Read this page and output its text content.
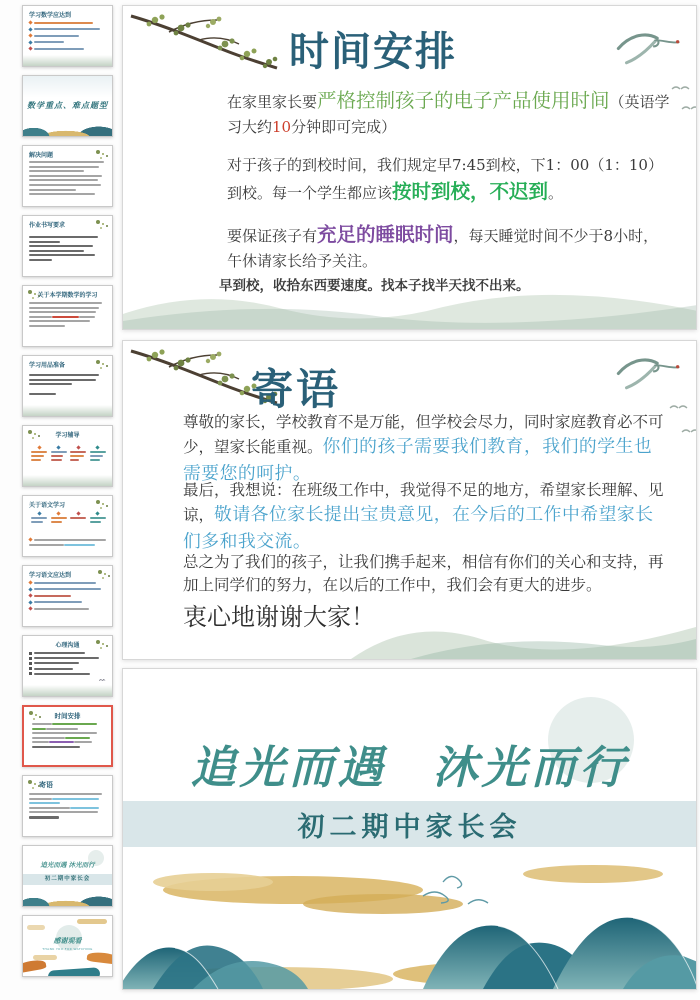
学习数学应达到
数学重点、难点题型
解决问题
作业书写要求
关于本学期数学的学习
学习用品准备
学习辅导
关于语文学习
学习语文应达到
心理沟通
ᨐ
时间安排
寄语
追光而遇 沐光而行
初二期中家长会
感谢观看
THANK YOU FOR WATCHING
时间安排

在家里家长要严格控制孩子的电子产品使用时间（英语学习大约10分钟即可完成）

对于孩子的到校时间，我们规定早7:45到校，下1：00（1：10）到校。每一个学生都应该按时到校，不迟到。

要保证孩子有充足的睡眠时间，每天睡觉时间不少于8小时，午休请家长给予关注。

早到校，收拾东西要速度。找本子找半天找不出来。

寄语

尊敬的家长，学校教育不是万能，但学校会尽力，同时家庭教育必不可少，望家长能重视。你们的孩子需要我们教育，我们的学生也需要您的呵护。

最后，我想说：在班级工作中，我觉得不足的地方，希望家长理解、见谅，敬请各位家长提出宝贵意见，在今后的工作中希望家长们多和我交流。

总之为了我们的孩子，让我们携手起来，相信有你们的关心和支持，再加上同学们的努力，在以后的工作中，我们会有更大的进步。

衷心地谢谢大家！

追光而遇 沐光而行
初二期中家长会
